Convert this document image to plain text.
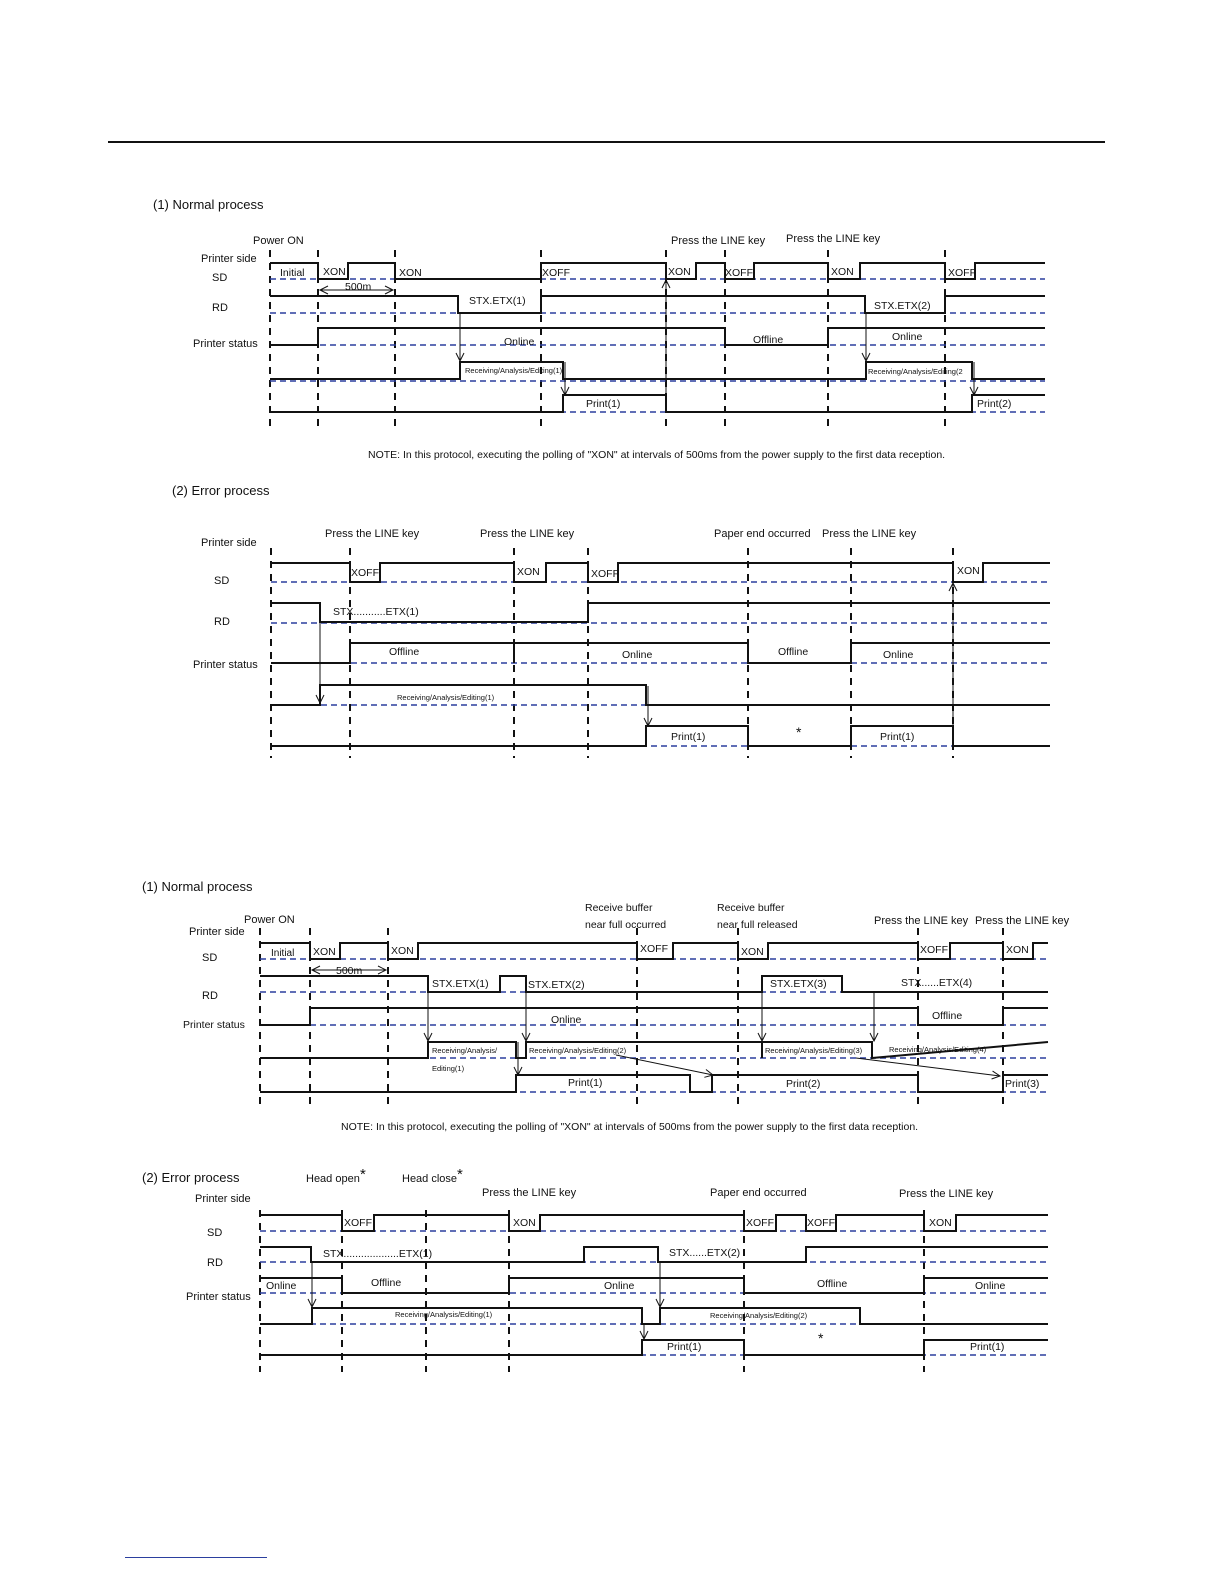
(1) Normal process
Printer side
SD
RD
Printer status
Power ON	Press the LINE key Press the LINE key
Initial XON	XON	XOFF	XON	XOFF	XON	XOFF
500m
STX.ETX(1)	STX.ETX(2)
Online	Offline	Online
Receiving/Analysis/Editing(1)	Receiving/Analysis/Editing(2
Print(1)	Print(2)
NOTE: In this protocol, executing the polling of "XON" at intervals of 500ms from the power supply to the first data reception.
(2) Error process
Printer side
SD
RD
Printer status
Press the LINE key	Press the LINE key	Paper end occurred Press the LINE key
XOFF	XON	XOFF	XON
STX...........ETX(1)
Offline	Online	Offline	Online
Receiving/Analysis/Editing(1)
Print(1)	*	Print(1)
(1) Normal process
Printer side
SD
RD
Printer status
Power ON
Receive buffer
near full occurred
Receive buffer
near full released	Press the LINE key Press the LINE key
Initial XON	XON	XOFF	XON	XOFF	XON
500m
STX.ETX(1)	STX.ETX(2)	STX.ETX(3)	STX......ETX(4)
Online	Offline
Receiving/Analysis/
Editing(1)
Receiving/Analysis/Editing(2)	Receiving/Analysis/Editing(3)	Receiving/Analysis/Editing(4)
Print(1)	Print(2)	Print(3)
NOTE: In this protocol, executing the polling of "XON" at intervals of 500ms from the power supply to the first data reception.
(2) Error process
Printer side
SD
RD
Printer status
Head open *	Head close *
Press the LINE key	Paper end occurred	Press the LINE key
XOFF	XON	XOFF	XOFF	XON
STX...................ETX(1)	STX......ETX(2)
Online	Offline	Online	Offline	Online
Receiving/Analysis/Editing(1)	Receiving/Analysis/Editing(2)
Print(1)
*
Print(1)
